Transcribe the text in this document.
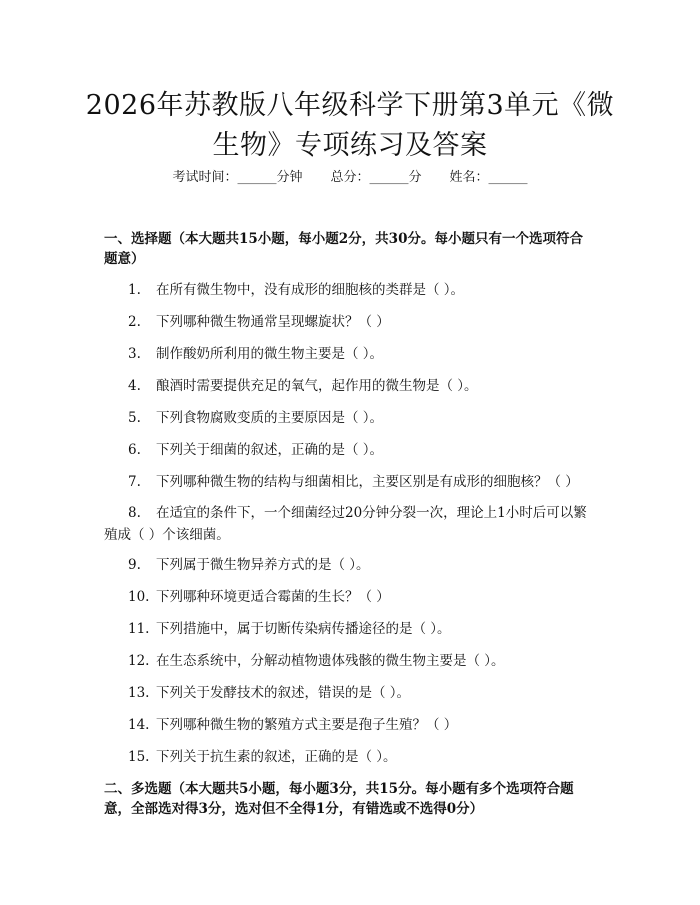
2026年苏教版八年级科学下册第3单元《微生物》专项练习及答案
考试时间：______分钟 总分：______分 姓名：______

一、选择题（本大题共15小题，每小题2分，共30分。每小题只有一个选项符合题意）

1. 在所有微生物中，没有成形的细胞核的类群是（ ）。
2. 下列哪种微生物通常呈现螺旋状？（ ）
3. 制作酸奶所利用的微生物主要是（ ）。
4. 酿酒时需要提供充足的氧气，起作用的微生物是（ ）。
5. 下列食物腐败变质的主要原因是（ ）。
6. 下列关于细菌的叙述，正确的是（ ）。
7. 下列哪种微生物的结构与细菌相比，主要区别是有成形的细胞核？（ ）
8. 在适宜的条件下，一个细菌经过20分钟分裂一次，理论上1小时后可以繁殖成（ ）个该细菌。
9. 下列属于微生物异养方式的是（ ）。
10. 下列哪种环境更适合霉菌的生长？（ ）
11. 下列措施中，属于切断传染病传播途径的是（ ）。
12. 在生态系统中，分解动植物遗体残骸的微生物主要是（ ）。
13. 下列关于发酵技术的叙述，错误的是（ ）。
14. 下列哪种微生物的繁殖方式主要是孢子生殖？（ ）
15. 下列关于抗生素的叙述，正确的是（ ）。

二、多选题（本大题共5小题，每小题3分，共15分。每小题有多个选项符合题意，全部选对得3分，选对但不全得1分，有错选或不选得0分）
